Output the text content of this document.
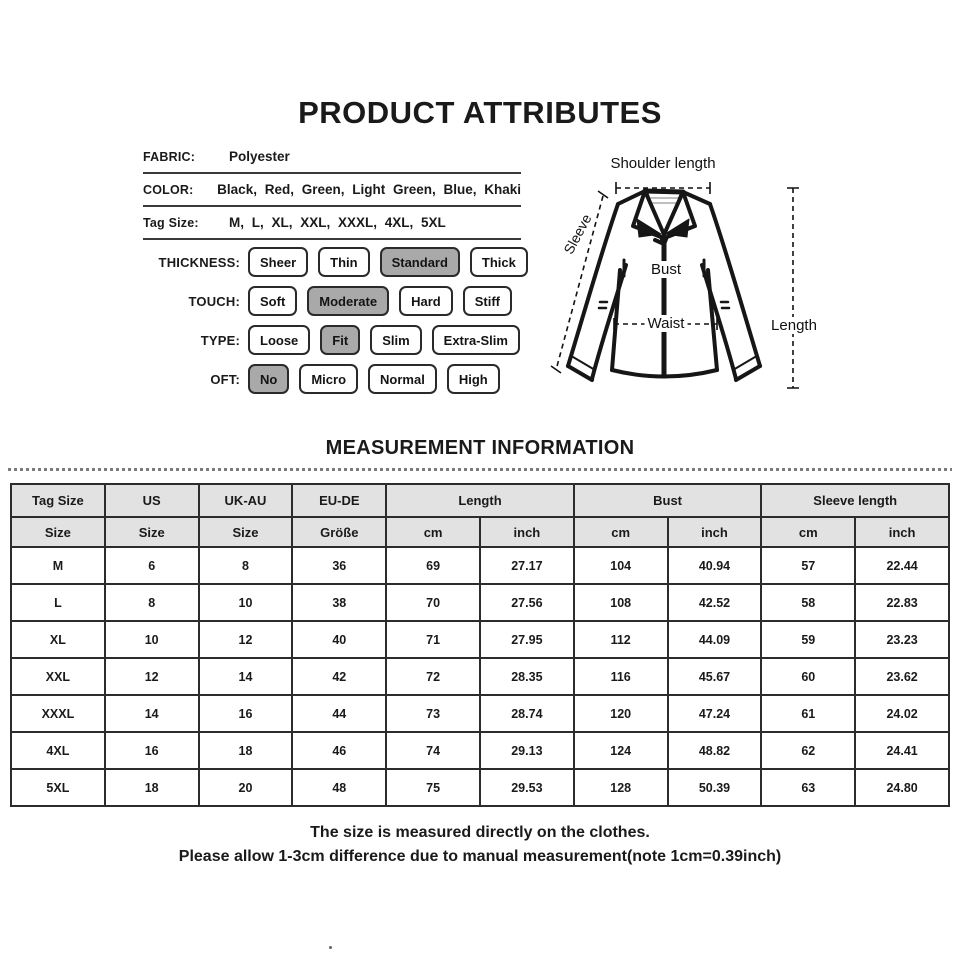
PRODUCT ATTRIBUTES
FABRIC:	Polyester
COLOR:	Black, Red, Green, Light Green, Blue, Khaki
Tag Size:	M, L, XL, XXL, XXXL, 4XL, 5XL
THICKNESS:	Sheer	Thin	Standard	Thick
TOUCH:	Soft	Moderate	Hard	Stiff
TYPE:	Loose	Fit	Slim	Extra-Slim
OFT:	No	Micro	Normal	High
Shoulder length
Sleeve
Bust
Waist	Length
MEASUREMENT INFORMATION
Tag Size	US	UK-AU	EU-DE	Length		Bust		Sleeve length	
Size	Size	Size	Größe	cm	inch	cm	inch	cm	inch
M	6	8	36	69	27.17	104	40.94	57	22.44
L	8	10	38	70	27.56	108	42.52	58	22.83
XL	10	12	40	71	27.95	112	44.09	59	23.23
XXL	12	14	42	72	28.35	116	45.67	60	23.62
XXXL	14	16	44	73	28.74	120	47.24	61	24.02
4XL	16	18	46	74	29.13	124	48.82	62	24.41
5XL	18	20	48	75	29.53	128	50.39	63	24.80
The size is measured directly on the clothes.
Please allow 1-3cm difference due to manual measurement(note 1cm=0.39inch)
